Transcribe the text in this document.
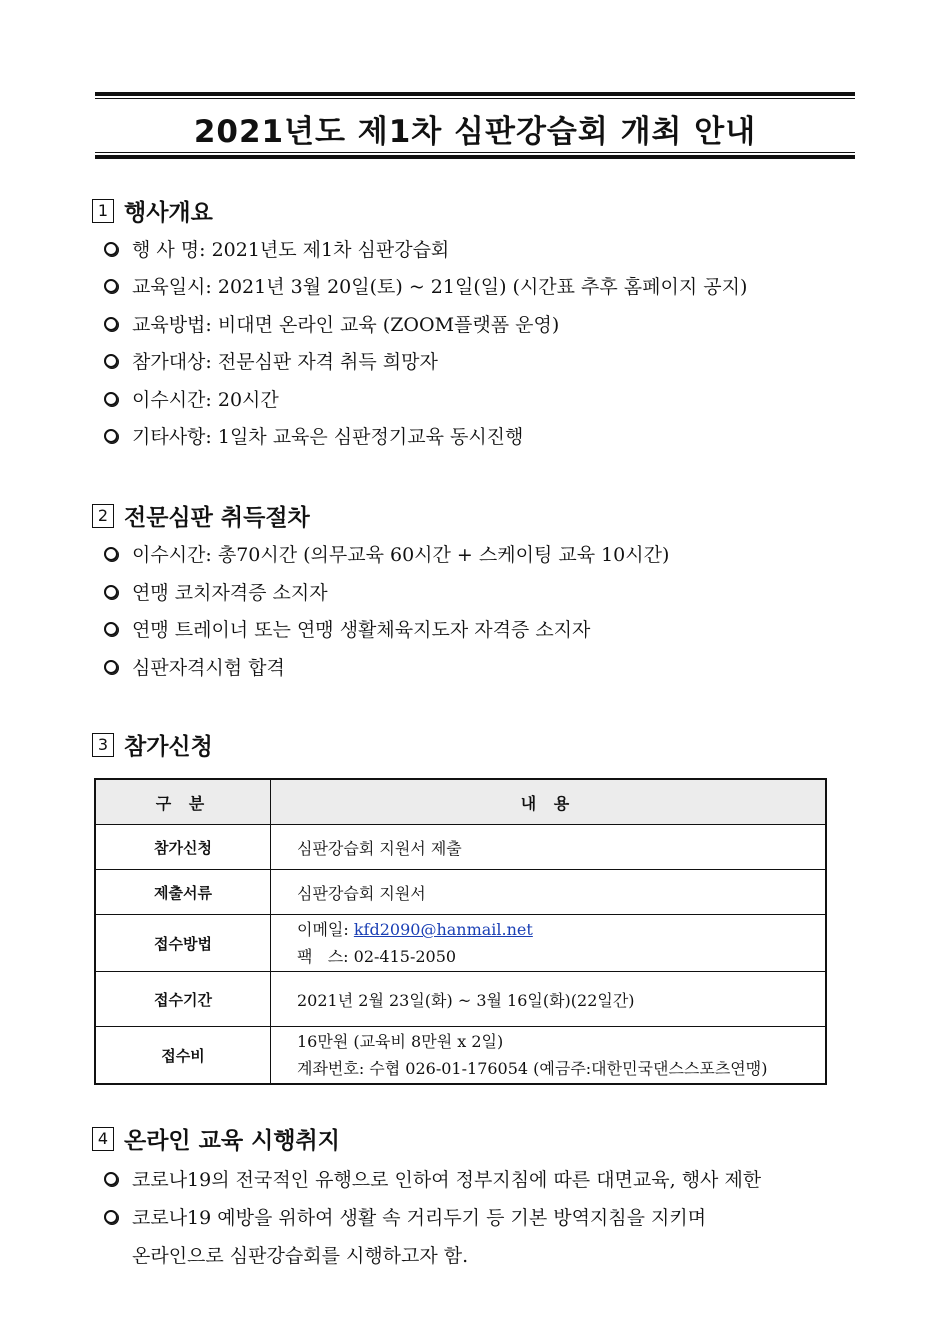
2021년도 제1차 심판강습회 개최 안내
1 행사개요
행 사 명: 2021년도 제1차 심판강습회
교육일시: 2021년 3월 20일(토) ~ 21일(일) (시간표 추후 홈페이지 공지)
교육방법: 비대면 온라인 교육 (ZOOM플랫폼 운영)
참가대상: 전문심판 자격 취득 희망자
이수시간: 20시간
기타사항: 1일차 교육은 심판정기교육 동시진행
2 전문심판 취득절차
이수시간: 총70시간 (의무교육 60시간 + 스케이팅 교육 10시간)
연맹 코치자격증 소지자
연맹 트레이너 또는 연맹 생활체육지도자 자격증 소지자
심판자격시험 합격
3 참가신청
구 분	내 용
참가신청	심판강습회 지원서 제출
제출서류	심판강습회 지원서
접수방법	이메일: kfd2090@hanmail.net
팩   스: 02-415-2050

접수기간	2021년 2월 23일(화) ~ 3월 16일(화)(22일간)
접수비	16만원 (교육비 8만원 x 2일)
계좌번호: 수협 026-01-176054 (예금주:대한민국댄스스포츠연맹)
4 온라인 교육 시행취지
코로나19의 전국적인 유행으로 인하여 정부지침에 따른 대면교육, 행사 제한
코로나19 예방을 위하여 생활 속 거리두기 등 기본 방역지침을 지키며
온라인으로 심판강습회를 시행하고자 함.
